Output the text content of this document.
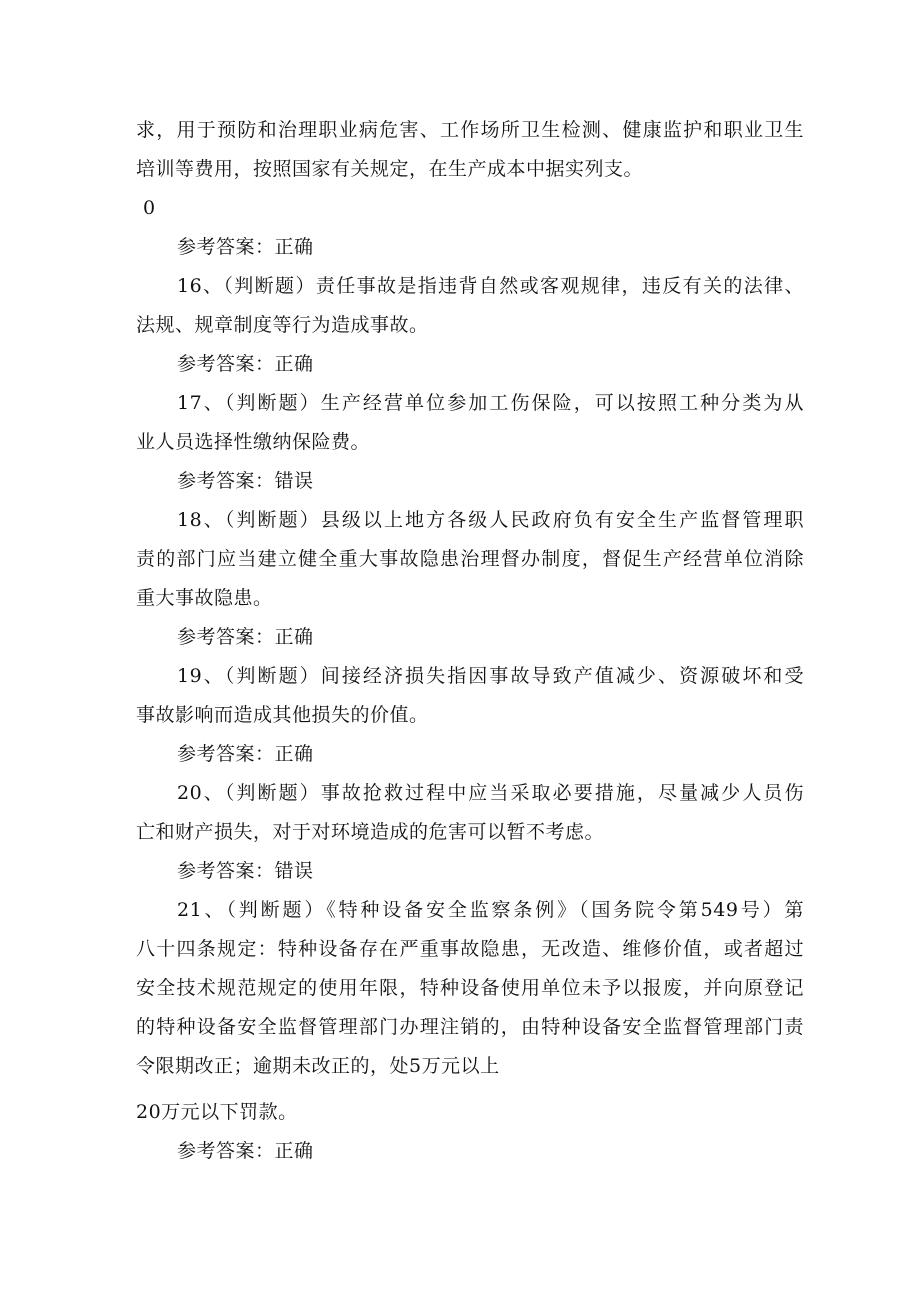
求，用于预防和治理职业病危害、工作场所卫生检测、健康监护和职业卫生
培训等费用，按照国家有关规定，在生产成本中据实列支。
0
参考答案：正确
16、（判断题）责任事故是指违背自然或客观规律，违反有关的法律、
法规、规章制度等行为造成事故。
参考答案：正确
17、（判断题）生产经营单位参加工伤保险，可以按照工种分类为从
业人员选择性缴纳保险费。
参考答案：错误
18、（判断题）县级以上地方各级人民政府负有安全生产监督管理职
责的部门应当建立健全重大事故隐患治理督办制度，督促生产经营单位消除
重大事故隐患。
参考答案：正确
19、（判断题）间接经济损失指因事故导致产值减少、资源破坏和受
事故影响而造成其他损失的价值。
参考答案：正确
20、（判断题）事故抢救过程中应当采取必要措施，尽量减少人员伤
亡和财产损失，对于对环境造成的危害可以暂不考虑。
参考答案：错误
21、（判断题）《特种设备安全监察条例》（国务院令第549号）第
八十四条规定：特种设备存在严重事故隐患，无改造、维修价值，或者超过
安全技术规范规定的使用年限，特种设备使用单位未予以报废，并向原登记
的特种设备安全监督管理部门办理注销的，由特种设备安全监督管理部门责
令限期改正；逾期未改正的，处5万元以上
20万元以下罚款。
参考答案：正确
